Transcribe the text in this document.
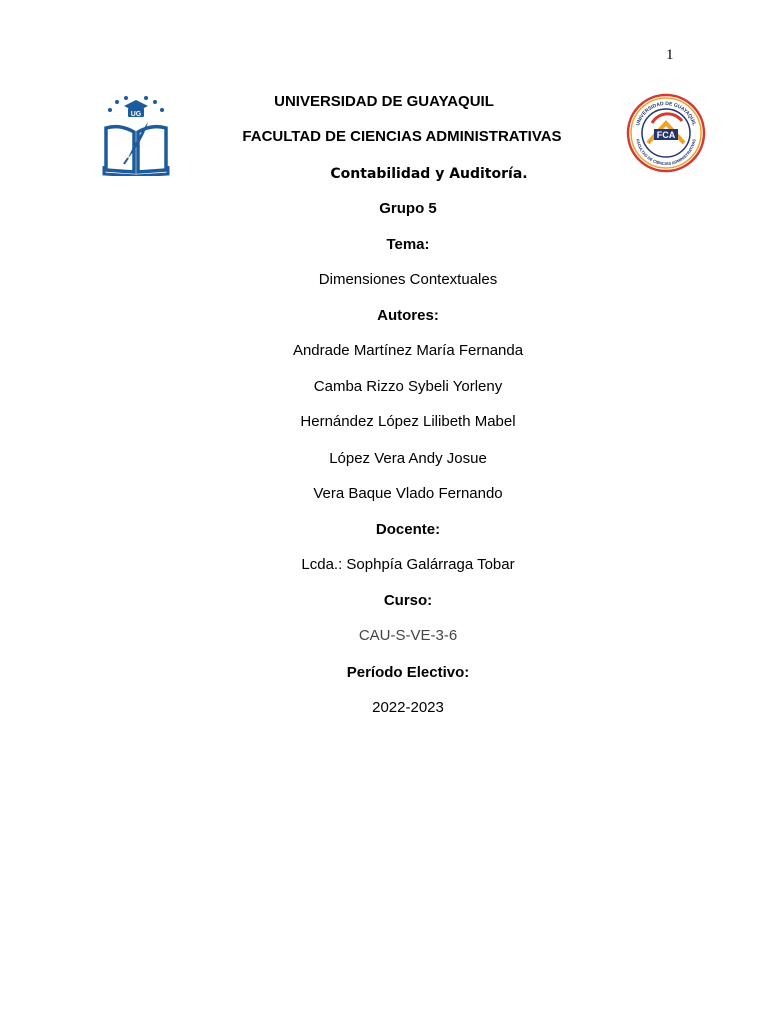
1
UG
UNIVERSIDAD DE GUAYAQUIL
FACULTAD DE CIENCIAS ADMINISTRATIVAS
FCA
UNIVERSIDAD DE GUAYAQUIL
FACULTAD DE CIENCIAS ADMINISTRATIVAS
Contabilidad y Auditoría.
Grupo 5
Tema:
Dimensiones Contextuales
Autores:
Andrade Martínez María Fernanda
Camba Rizzo Sybeli Yorleny
Hernández López Lilibeth Mabel
López Vera Andy Josue
Vera Baque Vlado Fernando
Docente:
Lcda.: Sophpía Galárraga Tobar
Curso:
CAU-S-VE-3-6
Período Electivo:
2022-2023
